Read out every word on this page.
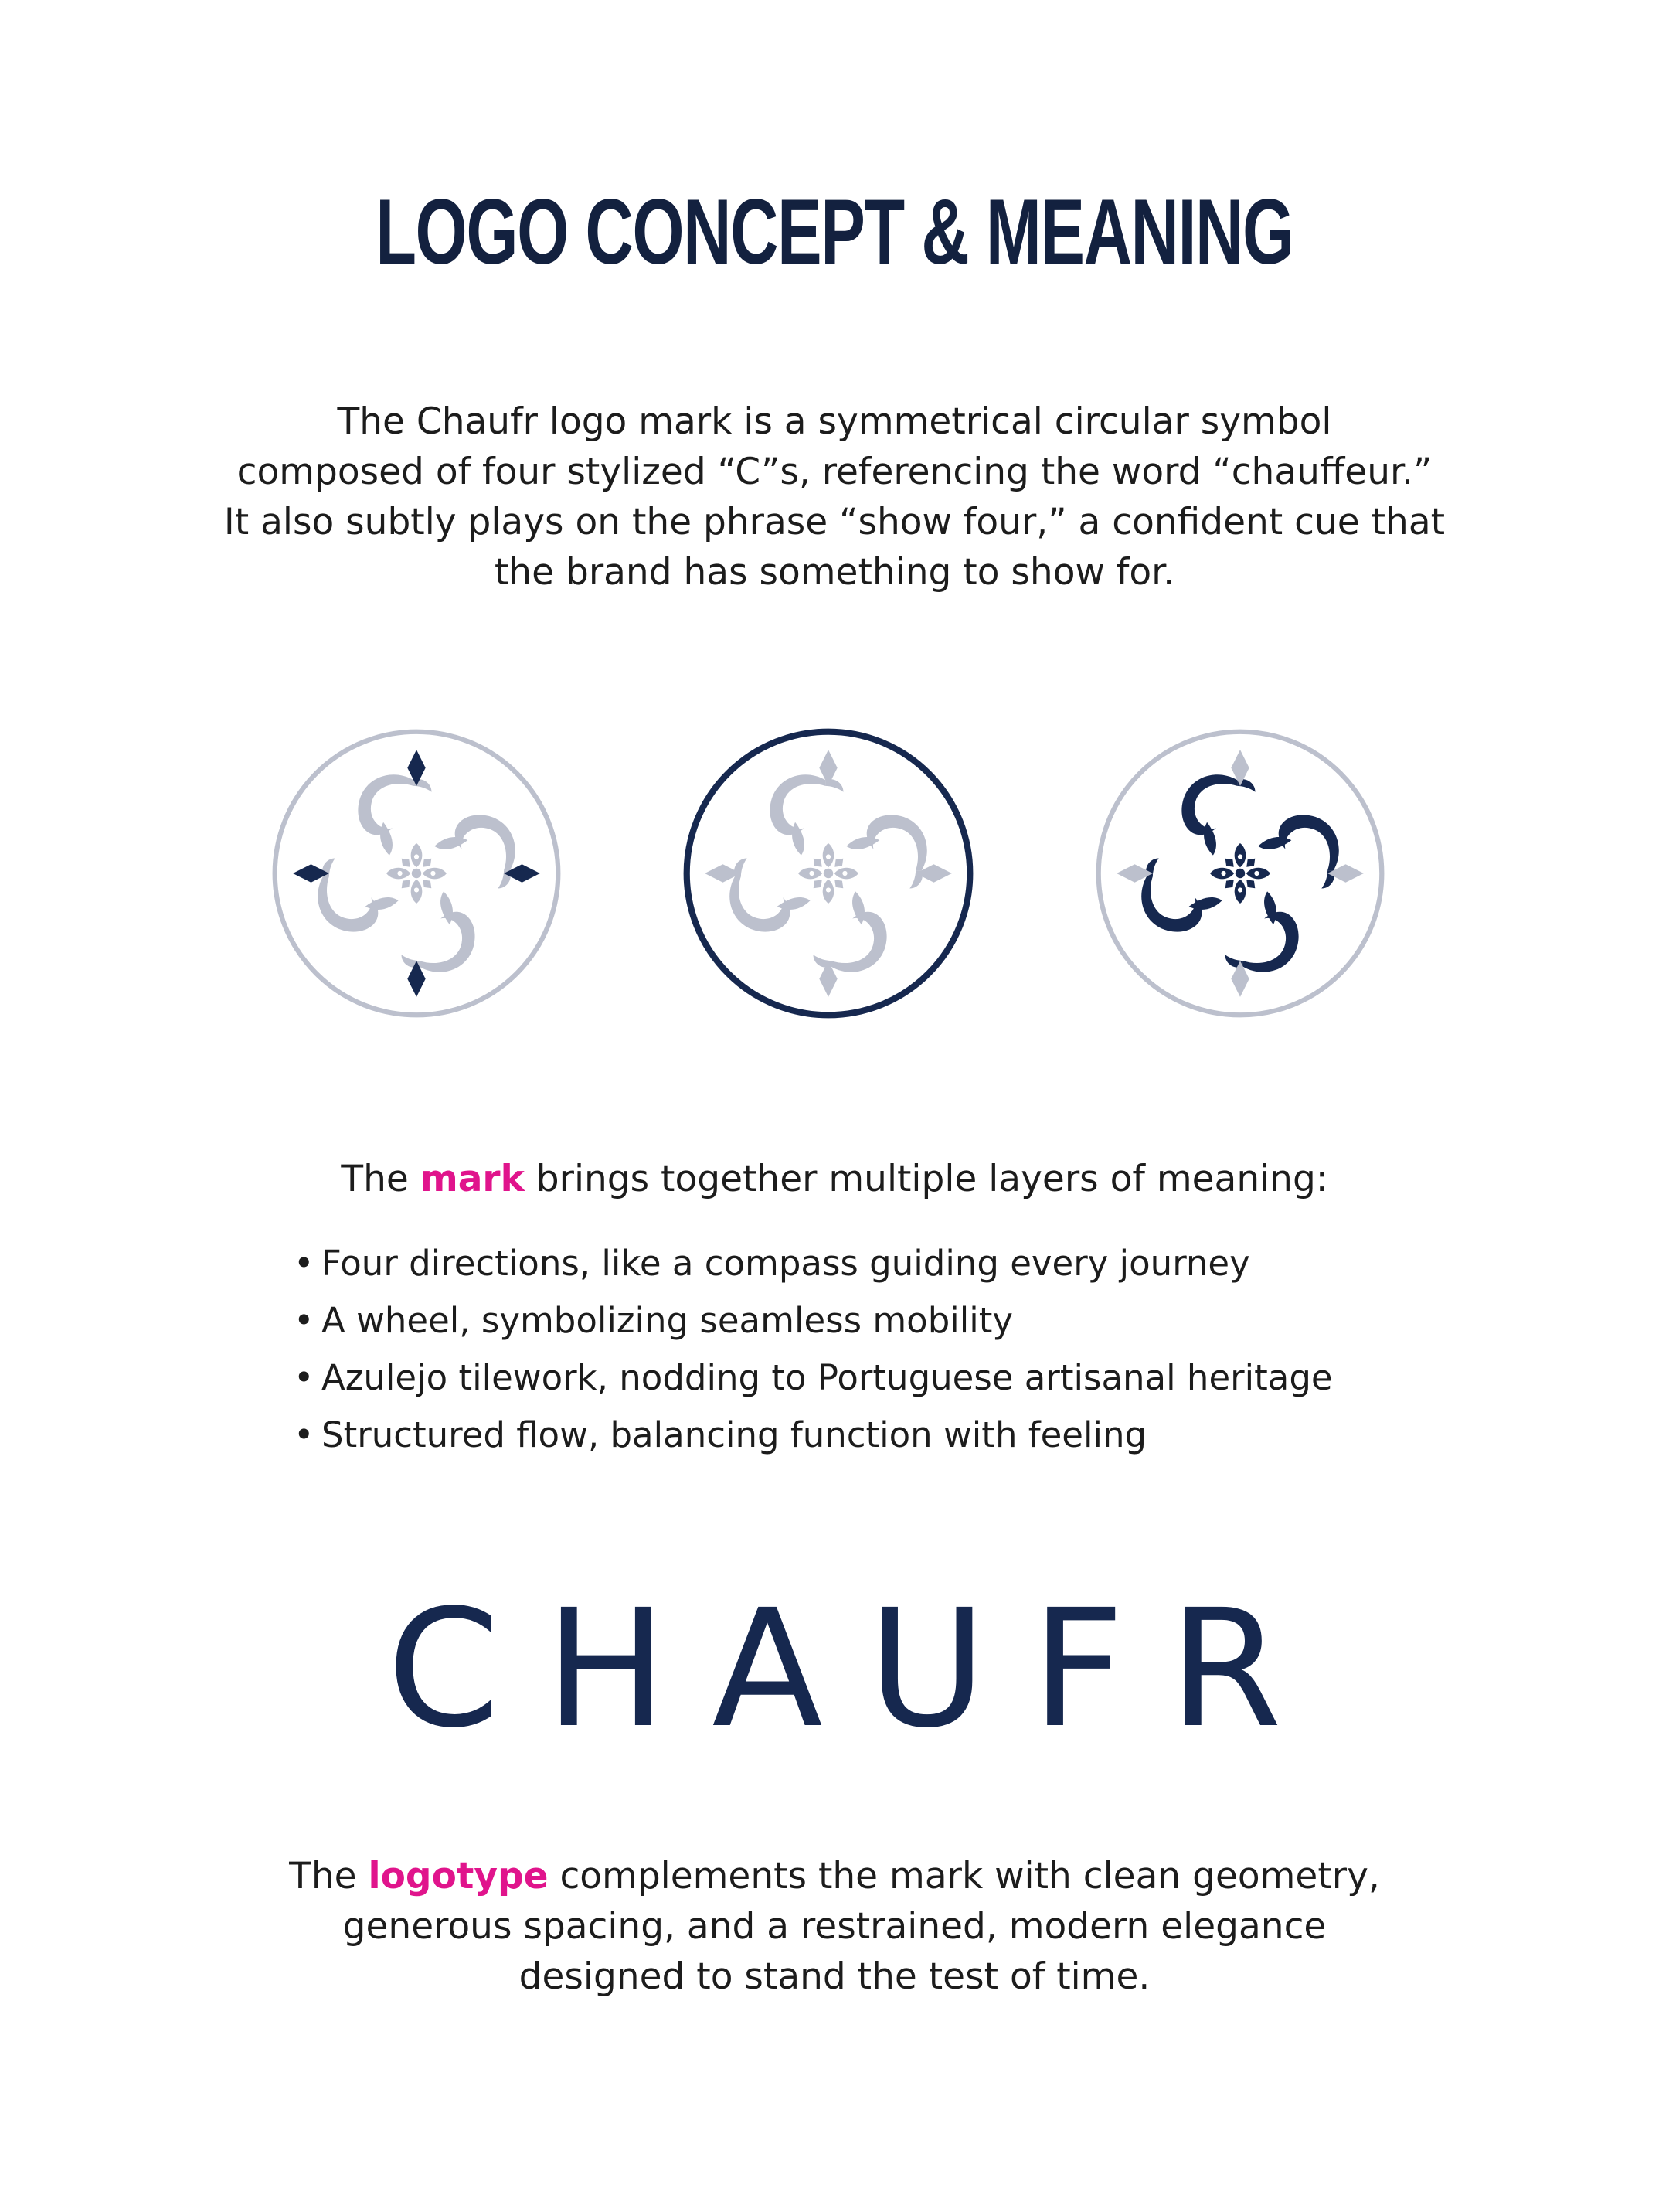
LOGO CONCEPT & MEANING

The Chaufr logo mark is a symmetrical circular symbol

composed of four stylized “C”s, referencing the word “chauffeur.”

It also subtly plays on the phrase “show four,” a confident cue that

the brand has something to show for.

The mark brings together multiple layers of meaning:
• Four directions, like a compass guiding every journey
• A wheel, symbolizing seamless mobility
• Azulejo tilework, nodding to Portuguese artisanal heritage
• Structured flow, balancing function with feeling
CHAUFR

The logotype complements the mark with clean geometry,

generous spacing, and a restrained, modern elegance

designed to stand the test of time.
